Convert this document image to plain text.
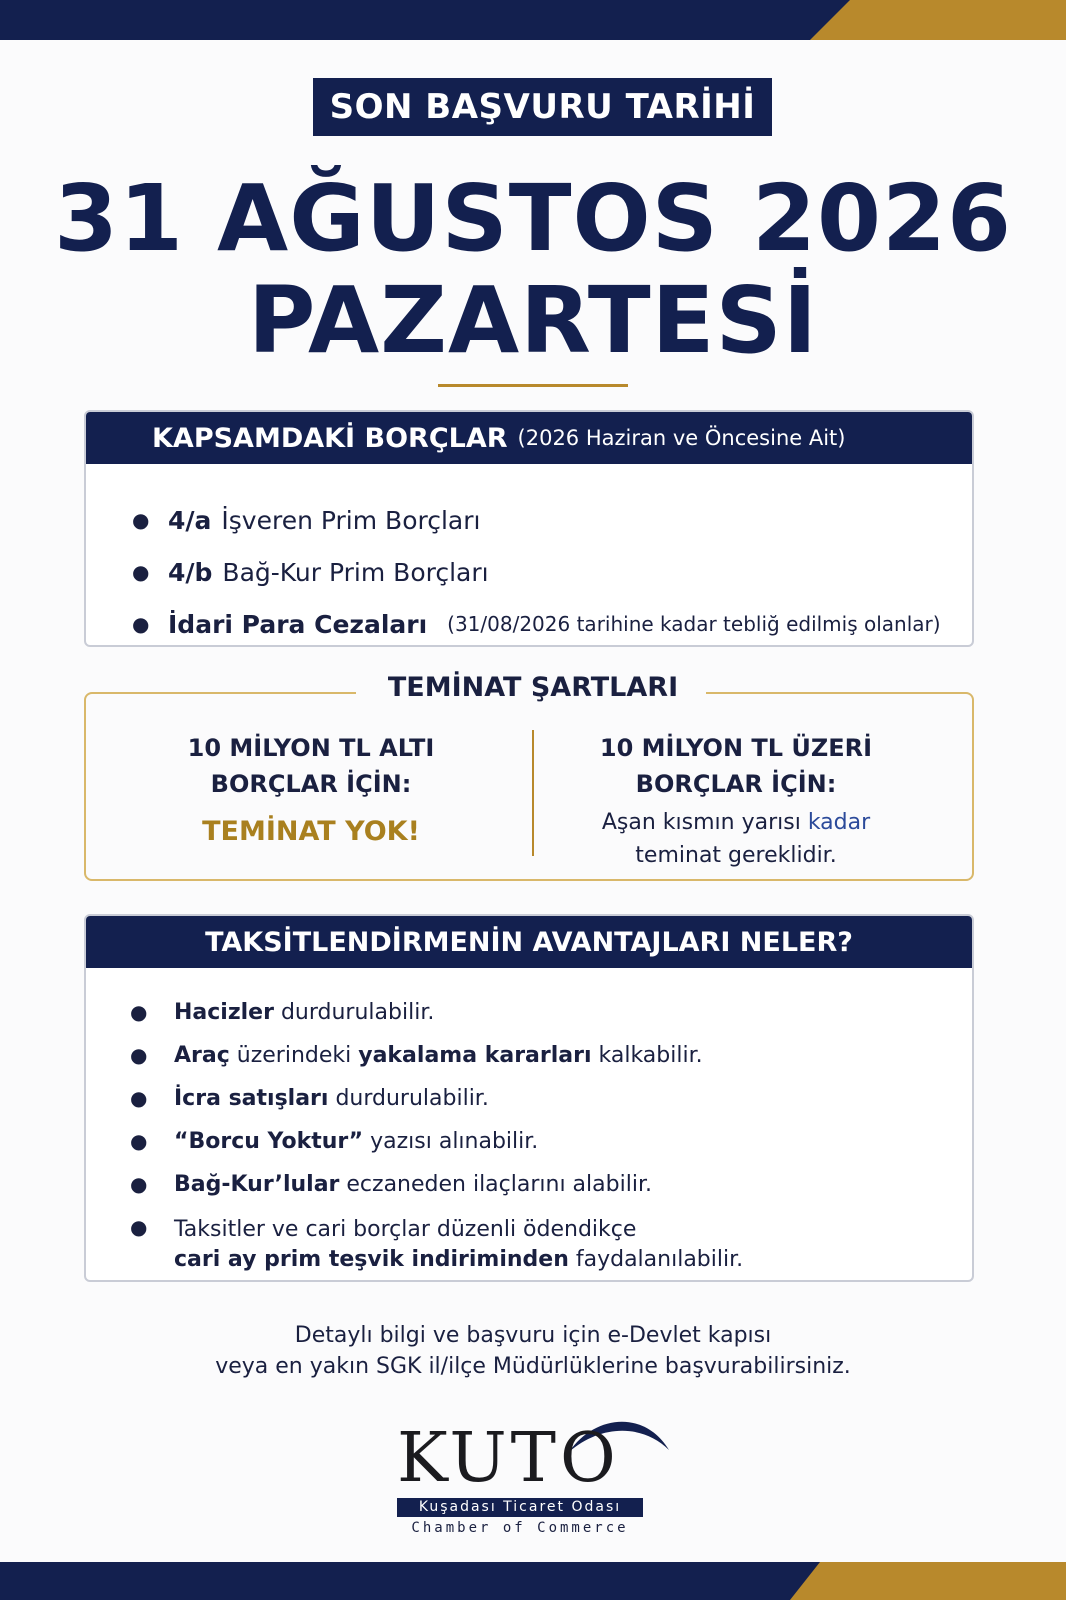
SON BAŞVURU TARİHİ
31 AĞUSTOS 2026
PAZARTESİ
KAPSAMDAKİ BORÇLAR (2026 Haziran ve Öncesine Ait)
● 4/a İşveren Prim Borçları
● 4/b Bağ-Kur Prim Borçları
● İdari Para Cezaları (31/08/2026 tarihine kadar tebliğ edilmiş olanlar)
10 MİLYON TL ALTI
BORÇLAR İÇİN:
TEMİNAT YOK!
10 MİLYON TL ÜZERİ
BORÇLAR İÇİN:
Aşan kısmın yarısı kadar
teminat gereklidir.
TEMİNAT ŞARTLARI
TAKSİTLENDİRMENİN AVANTAJLARI NELER?
●	Hacizler durdurulabilir.
●	Araç üzerindeki yakalama kararları kalkabilir.
●	İcra satışları durdurulabilir.
●	“Borcu Yoktur” yazısı alınabilir.
●	Bağ-Kur’lular eczaneden ilaçlarını alabilir.
●	Taksitler ve cari borçlar düzenli ödendikçe
cari ay prim teşvik indiriminden faydalanılabilir.
Detaylı bilgi ve başvuru için e-Devlet kapısı
veya en yakın SGK il/ilçe Müdürlüklerine başvurabilirsiniz.
KUTO
Kuşadası Ticaret Odası
Chamber of Commerce
